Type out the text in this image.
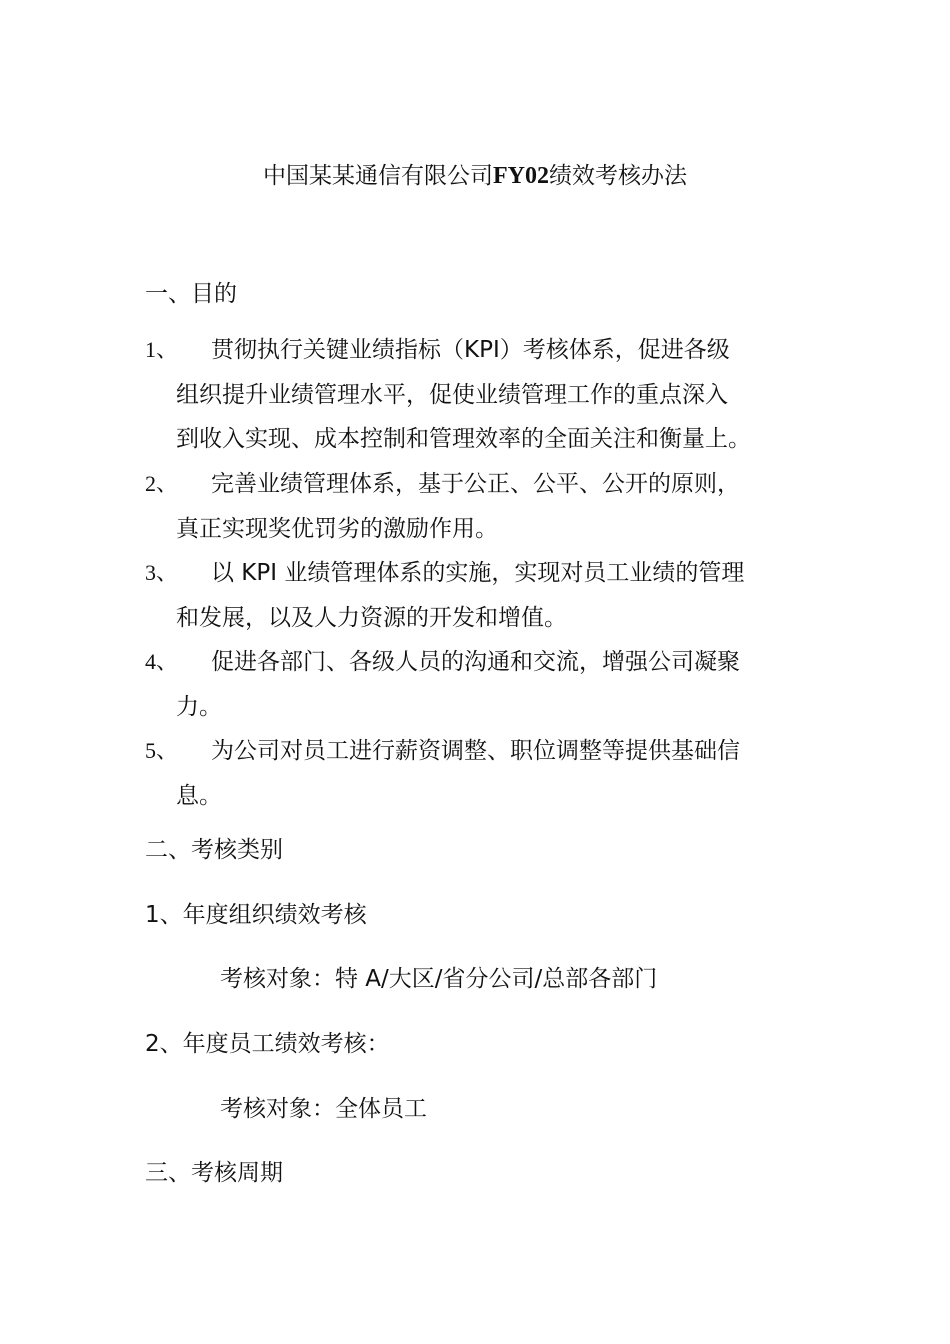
中国某某通信有限公司FY02绩效考核办法
一、目的
1、	贯彻执行关键业绩指标（KPI）考核体系，促进各级
组织提升业绩管理水平，促使业绩管理工作的重点深入
到收入实现、成本控制和管理效率的全面关注和衡量上。
2、	完善业绩管理体系，基于公正、公平、公开的原则，
真正实现奖优罚劣的激励作用。
3、	以 KPI 业绩管理体系的实施，实现对员工业绩的管理
和发展，以及人力资源的开发和增值。
4、	促进各部门、各级人员的沟通和交流，增强公司凝聚
力。
5、	为公司对员工进行薪资调整、职位调整等提供基础信
息。
二、考核类别
1、年度组织绩效考核
考核对象：特 A/大区/省分公司/总部各部门
2、年度员工绩效考核：
考核对象：全体员工
三、考核周期
